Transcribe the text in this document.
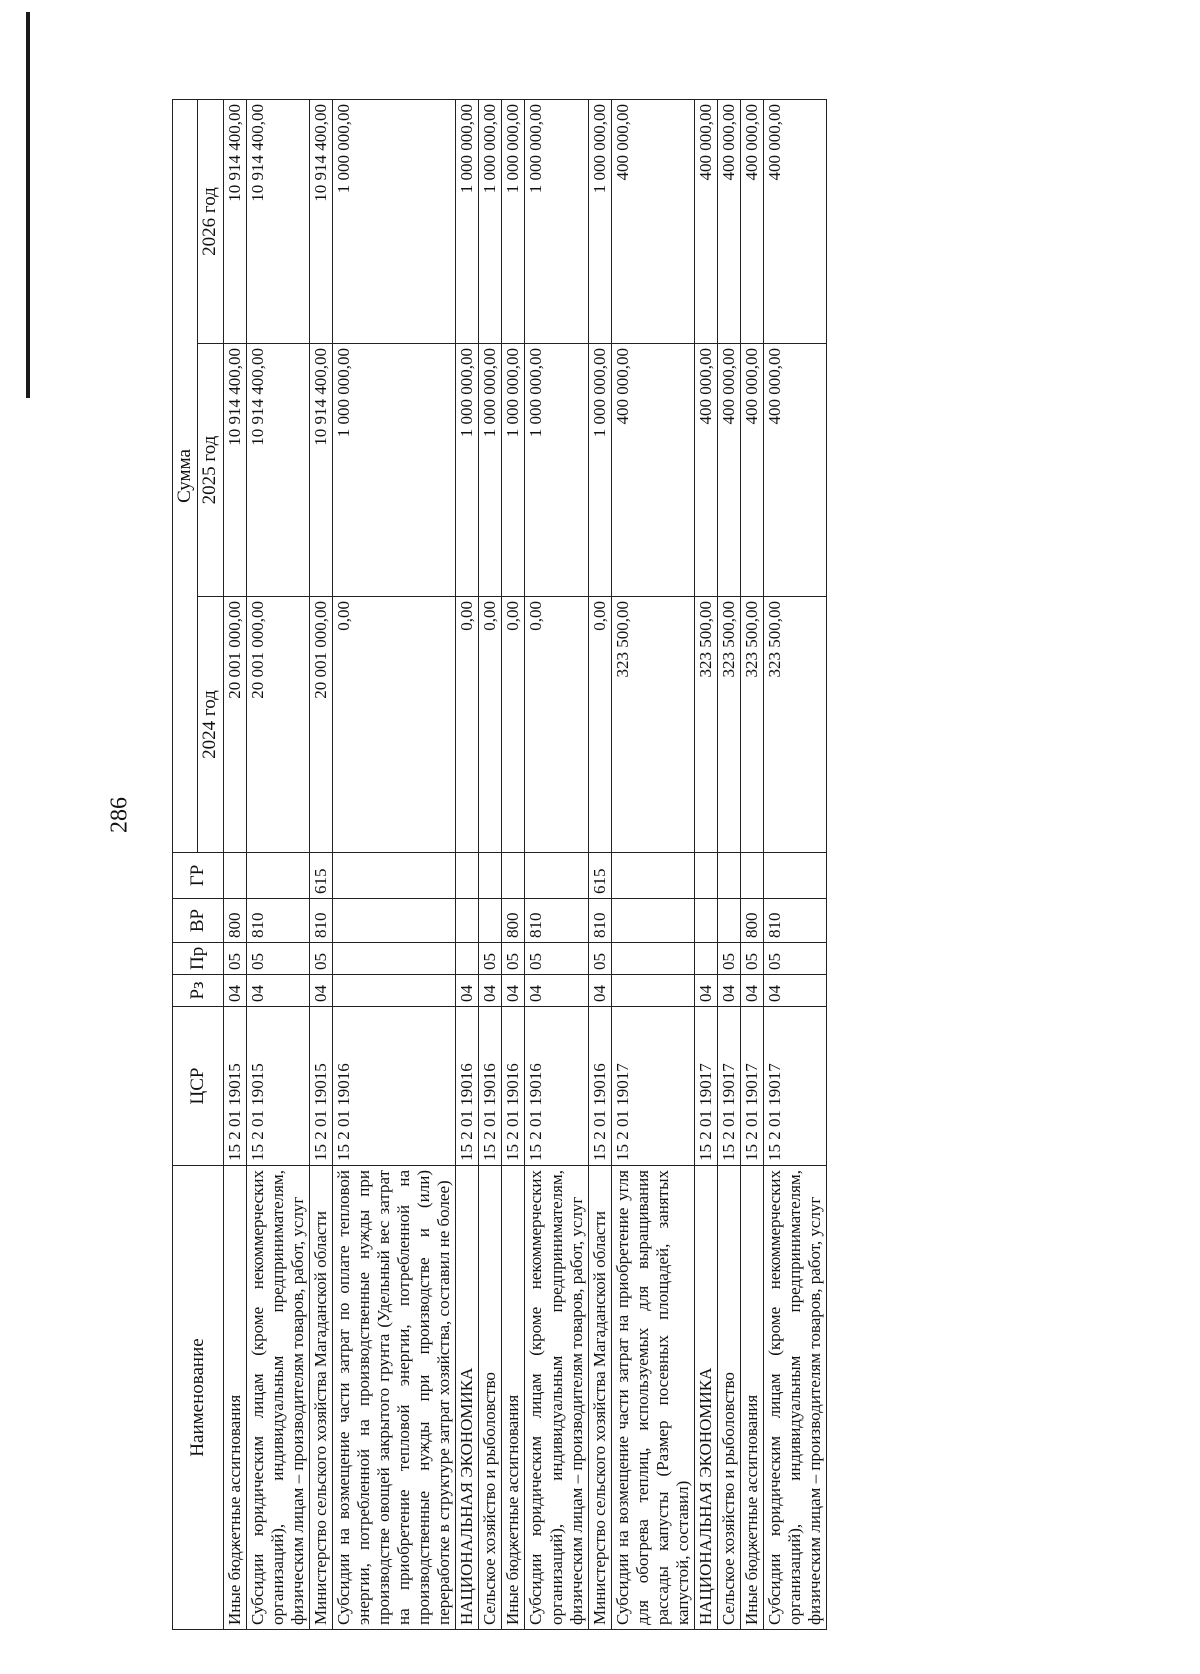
286
Наименование	ЦСР	Рз	Пр	ВР	ГР	Сумма		
						2024 год	2025 год	2026 год
Иные бюджетные ассигнования	15 2 01 19015	04	05	800		20 001 000,00	10 914 400,00	10 914 400,00
Субсидии юридическим лицам (кроме некоммерческих организаций), индивидуальным предпринимателям, физическим лицам – производителям товаров, работ, услуг	15 2 01 19015	04	05	810		20 001 000,00	10 914 400,00	10 914 400,00
Министерство сельского хозяйства Магаданской области	15 2 01 19015	04	05	810	615	20 001 000,00	10 914 400,00	10 914 400,00
Субсидии на возмещение части затрат по оплате тепловой энергии, потребленной на производственные нужды при производстве овощей закрытого грунта (Удельный вес затрат на приобретение тепловой энергии, потребленной на производственные нужды при производстве и (или) переработке в структуре затрат хозяйства, составил не более)	15 2 01 19016					0,00	1 000 000,00	1 000 000,00
НАЦИОНАЛЬНАЯ ЭКОНОМИКА	15 2 01 19016	04				0,00	1 000 000,00	1 000 000,00
Сельское хозяйство и рыболовство	15 2 01 19016	04	05			0,00	1 000 000,00	1 000 000,00
Иные бюджетные ассигнования	15 2 01 19016	04	05	800		0,00	1 000 000,00	1 000 000,00
Субсидии юридическим лицам (кроме некоммерческих организаций), индивидуальным предпринимателям, физическим лицам – производителям товаров, работ, услуг	15 2 01 19016	04	05	810		0,00	1 000 000,00	1 000 000,00
Министерство сельского хозяйства Магаданской области	15 2 01 19016	04	05	810	615	0,00	1 000 000,00	1 000 000,00
Субсидии на возмещение части затрат на приобретение угля для обогрева теплиц, используемых для выращивания рассады капусты (Размер посевных площадей, занятых капустой, составил)	15 2 01 19017					323 500,00	400 000,00	400 000,00
НАЦИОНАЛЬНАЯ ЭКОНОМИКА	15 2 01 19017	04				323 500,00	400 000,00	400 000,00
Сельское хозяйство и рыболовство	15 2 01 19017	04	05			323 500,00	400 000,00	400 000,00
Иные бюджетные ассигнования	15 2 01 19017	04	05	800		323 500,00	400 000,00	400 000,00
Субсидии юридическим лицам (кроме некоммерческих организаций), индивидуальным предпринимателям, физическим лицам – производителям товаров, работ, услуг	15 2 01 19017	04	05	810		323 500,00	400 000,00	400 000,00
